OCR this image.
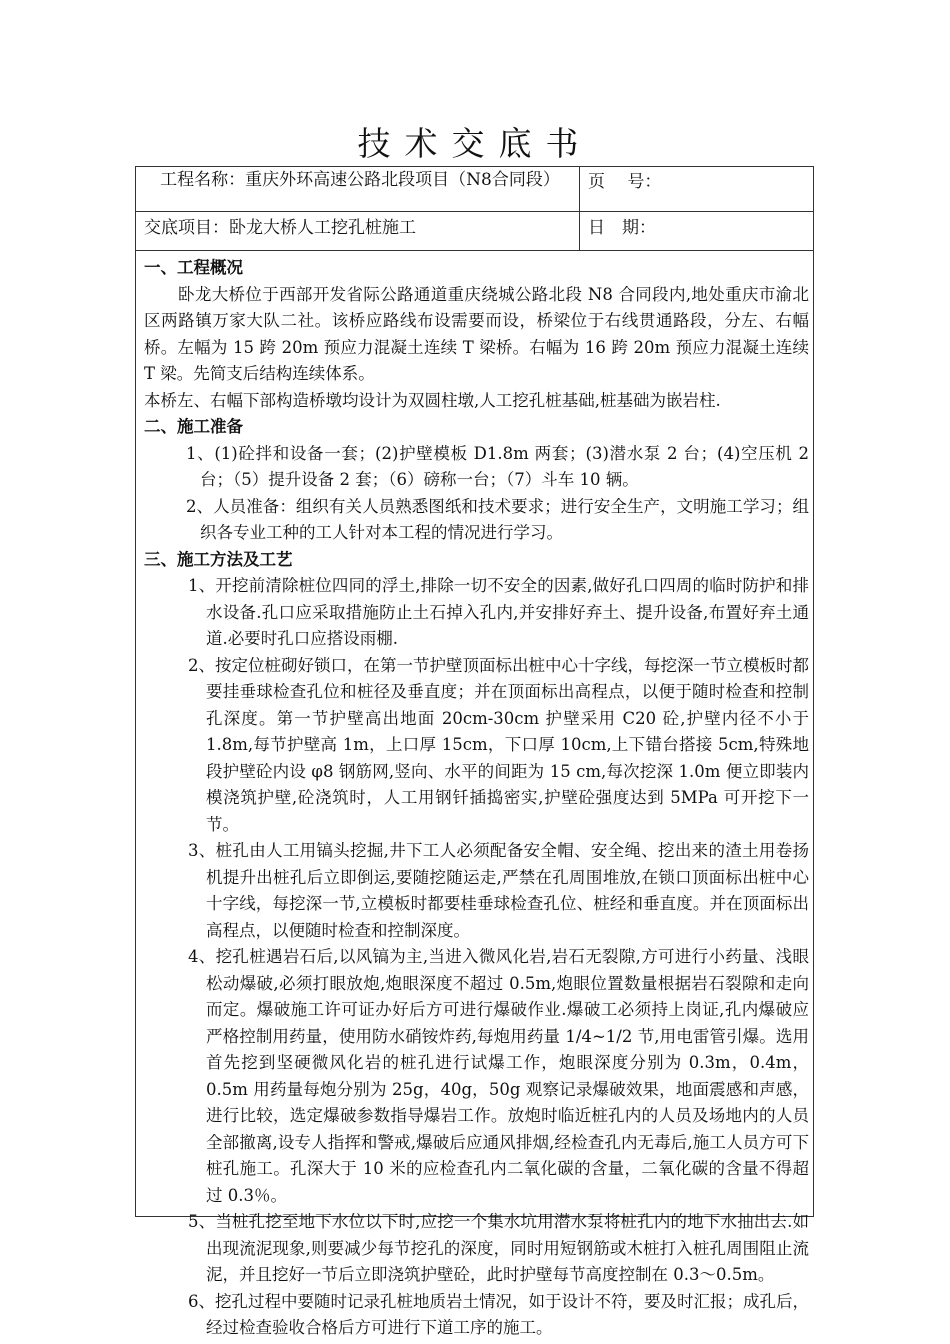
技术交底书
工程名称：重庆外环高速公路北段项目（N8合同段）	页　 号：
交底项目：卧龙大桥人工挖孔桩施工	日　期：

一、工程概况

卧龙大桥位于西部开发省际公路通道重庆绕城公路北段 N8 合同段内,地处重庆市渝北区两路镇万家大队二社。该桥应路线布设需要而设，桥梁位于右线贯通路段，分左、右幅桥。左幅为 15 跨 20m 预应力混凝土连续 T 梁桥。右幅为 16 跨 20m 预应力混凝土连续 T 梁。先简支后结构连续体系。

本桥左、右幅下部构造桥墩均设计为双圆柱墩,人工挖孔桩基础,桩基础为嵌岩柱.

二、施工准备

1、(1)砼拌和设备一套；(2)护壁模板 D1.8m 两套；(3)潜水泵 2 台；(4)空压机 2 台；（5）提升设备 2 套；（6）磅称一台；（7）斗车 10 辆。

2、人员准备：组织有关人员熟悉图纸和技术要求；进行安全生产，文明施工学习；组织各专业工种的工人针对本工程的情况进行学习。

三、施工方法及工艺

1、开挖前清除桩位四同的浮土,排除一切不安全的因素,做好孔口四周的临时防护和排水设备.孔口应采取措施防止土石掉入孔内,并安排好弃土、提升设备,布置好弃土通道.必要时孔口应搭设雨棚.

2、按定位桩砌好锁口，在第一节护壁顶面标出桩中心十字线，每挖深一节立模板时都要挂垂球检查孔位和桩径及垂直度；并在顶面标出高程点，以便于随时检查和控制孔深度。第一节护壁高出地面 20cm-30cm 护壁采用 C20 砼,护壁内径不小于 1.8m,每节护壁高 1m，上口厚 15cm，下口厚 10cm,上下错台搭接 5cm,特殊地段护壁砼内设 φ8 钢筋网,竖向、水平的间距为 15 cm,每次挖深 1.0m 便立即装内模浇筑护壁,砼浇筑时，人工用钢钎插捣密实,护壁砼强度达到 5MPa 可开挖下一节。

3、桩孔由人工用镐头挖掘,井下工人必须配备安全帽、安全绳、挖出来的渣土用卷扬机提升出桩孔后立即倒运,要随挖随运走,严禁在孔周围堆放,在锁口顶面标出桩中心十字线，每挖深一节,立模板时都要桂垂球检查孔位、桩经和垂直度。并在顶面标出高程点，以便随时检查和控制深度。

4、挖孔桩遇岩石后,以风镐为主,当进入微风化岩,岩石无裂隙,方可进行小药量、浅眼松动爆破,必须打眼放炮,炮眼深度不超过 0.5m,炮眼位置数量根据岩石裂隙和走向而定。爆破施工许可证办好后方可进行爆破作业.爆破工必须持上岗证,孔内爆破应严格控制用药量，使用防水硝铵炸药,每炮用药量 1/4~1/2 节,用电雷管引爆。选用首先挖到坚硬微风化岩的桩孔进行试爆工作，炮眼深度分别为 0.3m，0.4m，0.5m 用药量每炮分别为 25g，40g，50g 观察记录爆破效果，地面震感和声感，进行比较，选定爆破参数指导爆岩工作。放炮时临近桩孔内的人员及场地内的人员全部撤离,设专人指挥和警戒,爆破后应通风排烟,经检查孔内无毒后,施工人员方可下桩孔施工。孔深大于 10 米的应检查孔内二氧化碳的含量，二氧化碳的含量不得超过 0.3％。

5、当桩孔挖至地下水位以下时,应挖一个集水坑用潜水泵将桩孔内的地下水抽出去.如出现流泥现象,则要减少每节挖孔的深度，同时用短钢筋或木桩打入桩孔周围阻止流泥，并且挖好一节后立即浇筑护壁砼，此时护壁每节高度控制在 0.3～0.5m。

6、挖孔过程中要随时记录孔桩地质岩土情况，如于设计不符，要及时汇报；成孔后，经过检查验收合格后方可进行下道工序的施工。
